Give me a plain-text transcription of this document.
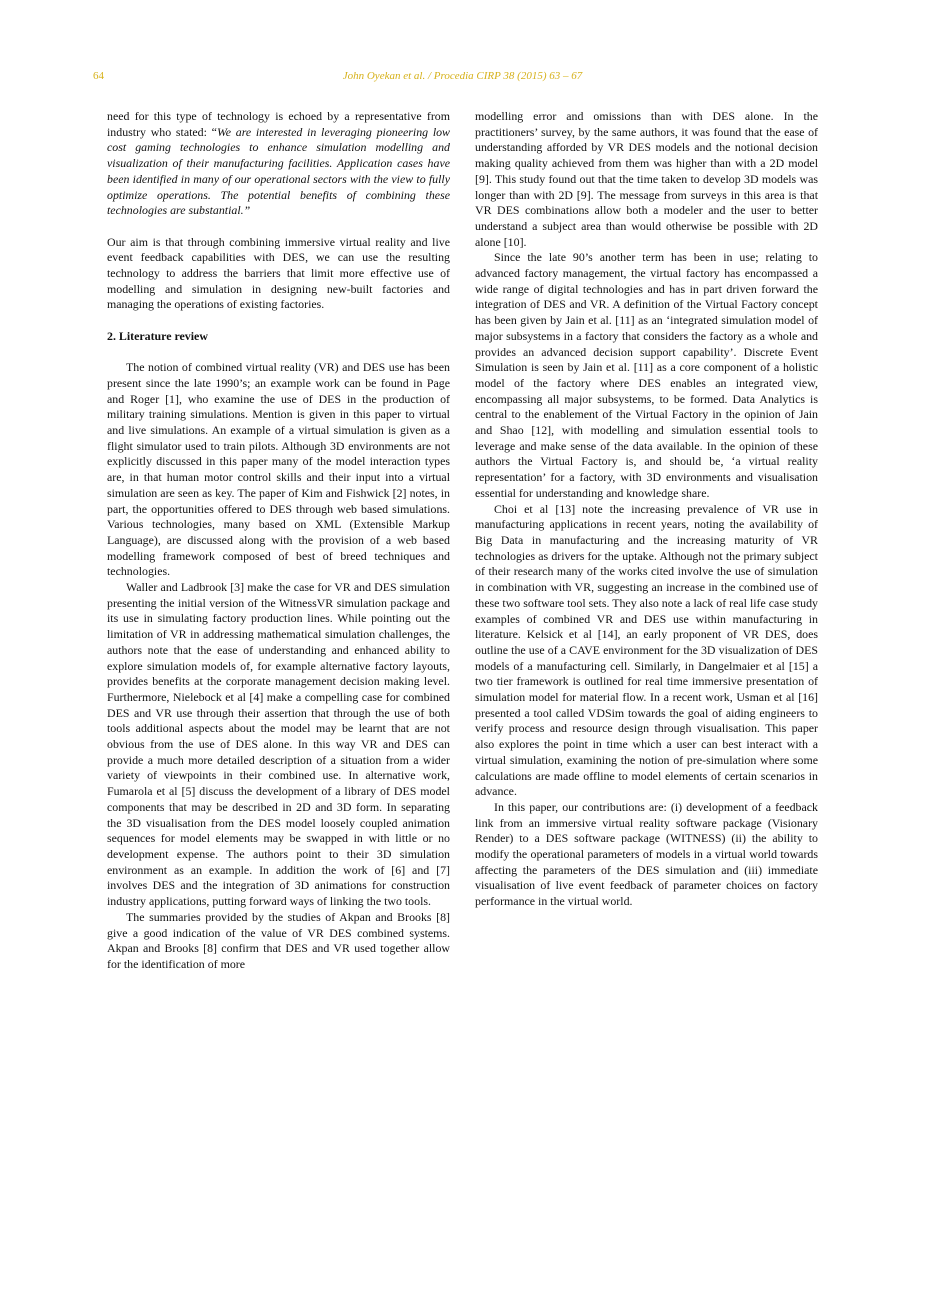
64	John Oyekan et al. / Procedia CIRP 38 (2015) 63 – 67

need for this type of technology is echoed by a representative from industry who stated: “We are interested in leveraging pioneering low cost gaming technologies to enhance simulation modelling and visualization of their manufacturing facilities. Application cases have been identified in many of our operational sectors with the view to fully optimize operations. The potential benefits of combining these technologies are substantial.”

Our aim is that through combining immersive virtual reality and live event feedback capabilities with DES, we can use the resulting technology to address the barriers that limit more effective use of modelling and simulation in designing new-built factories and managing the operations of existing factories.

2. Literature review

The notion of combined virtual reality (VR) and DES use has been present since the late 1990’s; an example work can be found in Page and Roger [1], who examine the use of DES in the production of military training simulations. Mention is given in this paper to virtual and live simulations. An example of a virtual simulation is given as a flight simulator used to train pilots. Although 3D environments are not explicitly discussed in this paper many of the model interaction types are, in that human motor control skills and their input into a virtual simulation are seen as key. The paper of Kim and Fishwick [2] notes, in part, the opportunities offered to DES through web based simulations. Various technologies, many based on XML (Extensible Markup Language), are discussed along with the provision of a web based modelling framework composed of best of breed techniques and technologies.

Waller and Ladbrook [3] make the case for VR and DES simulation presenting the initial version of the WitnessVR simulation package and its use in simulating factory production lines. While pointing out the limitation of VR in addressing mathematical simulation challenges, the authors note that the ease of understanding and enhanced ability to explore simulation models of, for example alternative factory layouts, provides benefits at the corporate management decision making level. Furthermore, Nielebock et al [4] make a compelling case for combined DES and VR use through their assertion that through the use of both tools additional aspects about the model may be learnt that are not obvious from the use of DES alone. In this way VR and DES can provide a much more detailed description of a situation from a wider variety of viewpoints in their combined use. In alternative work, Fumarola et al [5] discuss the development of a library of DES model components that may be described in 2D and 3D form. In separating the 3D visualisation from the DES model loosely coupled animation sequences for model elements may be swapped in with little or no development expense. The authors point to their 3D simulation environment as an example. In addition the work of [6] and [7] involves DES and the integration of 3D animations for construction industry applications, putting forward ways of linking the two tools.

The summaries provided by the studies of Akpan and Brooks [8] give a good indication of the value of VR DES combined systems. Akpan and Brooks [8] confirm that DES and VR used together allow for the identification of more

modelling error and omissions than with DES alone. In the practitioners’ survey, by the same authors, it was found that the ease of understanding afforded by VR DES models and the notional decision making quality achieved from them was higher than with a 2D model [9]. This study found out that the time taken to develop 3D models was longer than with 2D [9]. The message from surveys in this area is that VR DES combinations allow both a modeler and the user to better understand a subject area than would otherwise be possible with 2D alone [10].

Since the late 90’s another term has been in use; relating to advanced factory management, the virtual factory has encompassed a wide range of digital technologies and has in part driven forward the integration of DES and VR. A definition of the Virtual Factory concept has been given by Jain et al. [11] as an ‘integrated simulation model of major subsystems in a factory that considers the factory as a whole and provides an advanced decision support capability’. Discrete Event Simulation is seen by Jain et al. [11] as a core component of a holistic model of the factory where DES enables an integrated view, encompassing all major subsystems, to be formed. Data Analytics is central to the enablement of the Virtual Factory in the opinion of Jain and Shao [12], with modelling and simulation essential tools to leverage and make sense of the data available. In the opinion of these authors the Virtual Factory is, and should be, ‘a virtual reality representation’ for a factory, with 3D environments and visualisation essential for understanding and knowledge share.

Choi et al [13] note the increasing prevalence of VR use in manufacturing applications in recent years, noting the availability of Big Data in manufacturing and the increasing maturity of VR technologies as drivers for the uptake. Although not the primary subject of their research many of the works cited involve the use of simulation in combination with VR, suggesting an increase in the combined use of these two software tool sets. They also note a lack of real life case study examples of combined VR and DES use within manufacturing in literature. Kelsick et al [14], an early proponent of VR DES, does outline the use of a CAVE environment for the 3D visualization of DES models of a manufacturing cell. Similarly, in Dangelmaier et al [15] a two tier framework is outlined for real time immersive presentation of simulation model for material flow. In a recent work, Usman et al [16] presented a tool called VDSim towards the goal of aiding engineers to verify process and resource design through visualisation. This paper also explores the point in time which a user can best interact with a virtual simulation, examining the notion of pre-simulation where some calculations are made offline to model elements of certain scenarios in advance.

In this paper, our contributions are: (i) development of a feedback link from an immersive virtual reality software package (Visionary Render) to a DES software package (WITNESS) (ii) the ability to modify the operational parameters of models in a virtual world towards affecting the parameters of the DES simulation and (iii) immediate visualisation of live event feedback of parameter choices on factory performance in the virtual world.
